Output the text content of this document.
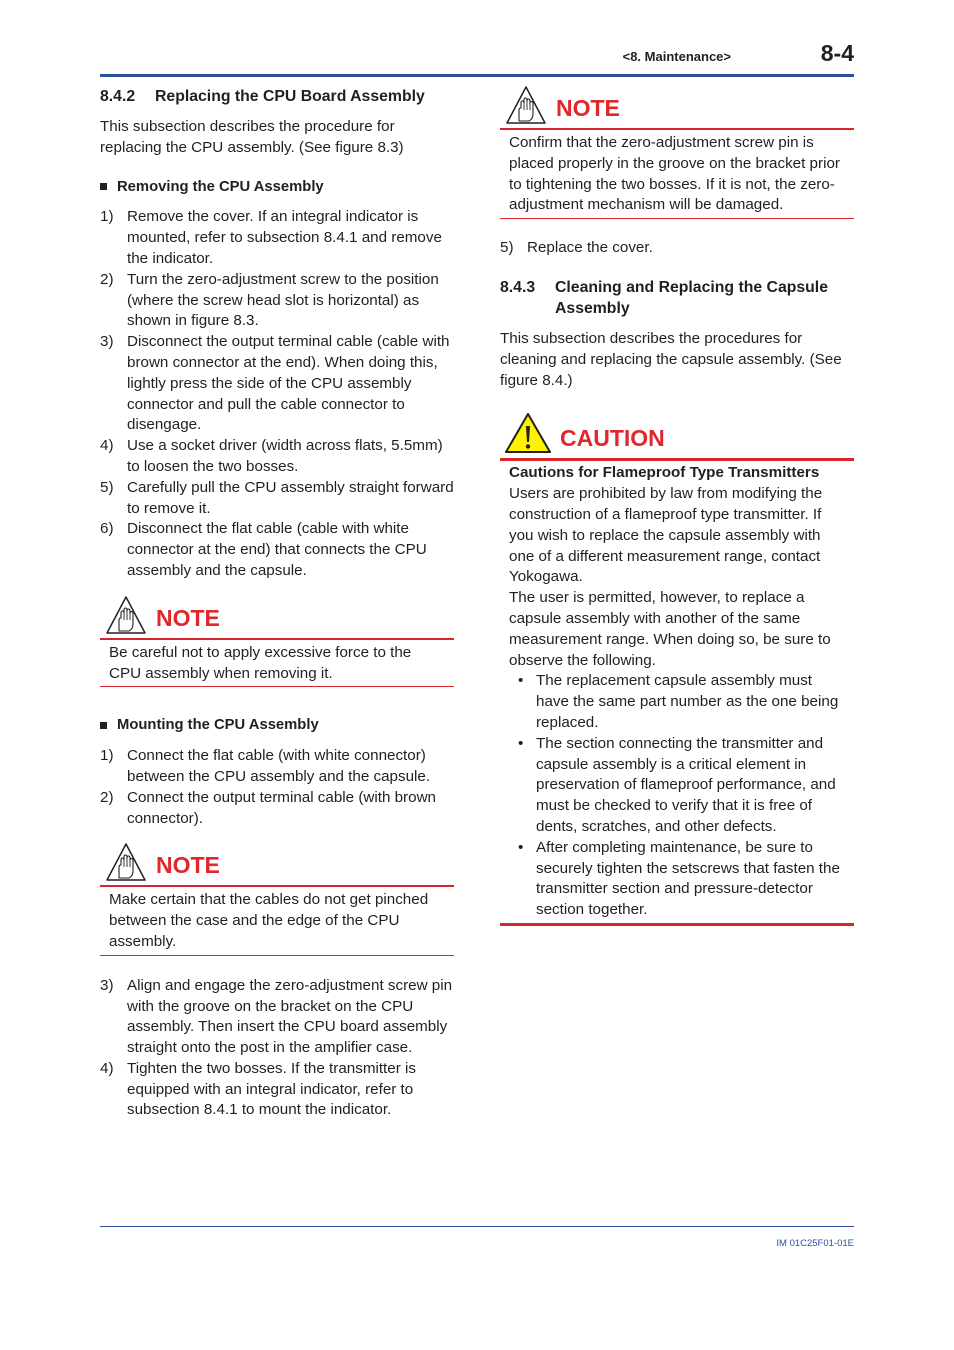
<8. Maintenance>	8-4
8.4.2	Replacing the CPU Board Assembly

This subsection describes the procedure for replacing the CPU assembly. (See figure 8.3)

Removing the CPU Assembly
1) Remove the cover. If an integral indicator is mounted, refer to subsection 8.4.1 and remove the indicator.
2) Turn the zero-adjustment screw to the position (where the screw head slot is horizontal) as shown in figure 8.3.
3) Disconnect the output terminal cable (cable with brown connector at the end). When doing this, lightly press the side of the CPU assembly connector and pull the cable connector to disengage.
4) Use a socket driver (width across flats, 5.5mm) to loosen the two bosses.
5) Carefully pull the CPU assembly straight forward to remove it.
6) Disconnect the flat cable (cable with white connector at the end) that connects the CPU assembly and the capsule.
NOTE
Be careful not to apply excessive force to the CPU assembly when removing it.
Mounting the CPU Assembly
1) Connect the flat cable (with white connector) between the CPU assembly and the capsule.
2) Connect the output terminal cable (with brown connector).
NOTE
Make certain that the cables do not get pinched between the case and the edge of the CPU assembly.
3) Align and engage the zero-adjustment screw pin with the groove on the bracket on the CPU assembly. Then insert the CPU board assembly straight onto the post in the amplifier case.
4) Tighten the two bosses. If the transmitter is equipped with an integral indicator, refer to subsection 8.4.1 to mount the indicator.
NOTE
Confirm that the zero-adjustment screw pin is placed properly in the groove on the bracket prior to tightening the two bosses. If it is not, the zero-adjustment mechanism will be damaged.
5) Replace the cover.
8.4.3	Cleaning and Replacing the Capsule Assembly

This subsection describes the procedures for cleaning and replacing the capsule assembly. (See figure 8.4.)

CAUTION
Cautions for Flameproof Type Transmitters

Users are prohibited by law from modifying the construction of a flameproof type transmitter. If you wish to replace the capsule assembly with one of a different measurement range, contact Yokogawa.

The user is permitted, however, to replace a capsule assembly with another of the same measurement range. When doing so, be sure to observe the following.

• The replacement capsule assembly must have the same part number as the one being replaced.
• The section connecting the transmitter and capsule assembly is a critical element in preservation of flameproof performance, and must be checked to verify that it is free of dents, scratches, and other defects.
• After completing maintenance, be sure to securely tighten the setscrews that fasten the transmitter section and pressure-detector section together.
IM 01C25F01-01E
